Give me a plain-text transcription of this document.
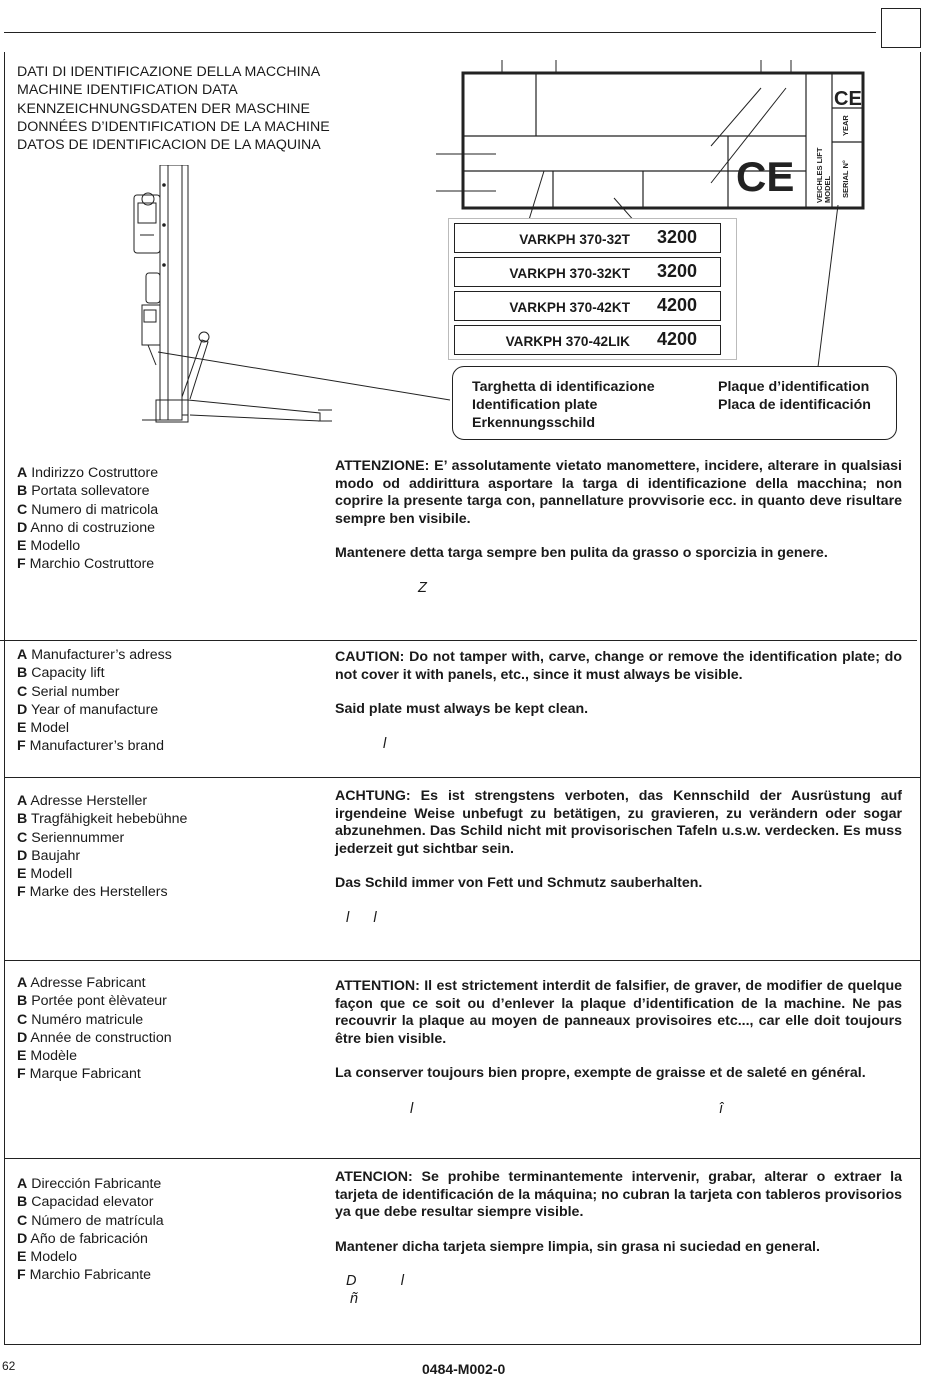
DATI DI IDENTIFICAZIONE DELLA MACCHINA
MACHINE IDENTIFICATION DATA
KENNZEICHNUNGSDATEN DER MASCHINE
DONNÉES D’IDENTIFICATION DE LA MACHINE
DATOS DE IDENTIFICACION DE LA MAQUINA
CE
CE
VEICHLES LIFT MODEL SERIAL N°
YEAR
VARKPH 370-32T 3200
VARKPH 370-32KT 3200
VARKPH 370-42KT 4200
VARKPH 370-42LIK 4200
Targhetta di identificazione
Identification plate
Erkennungsschild
Plaque d’identification
Placa de identificación
A Indirizzo Costruttore
B Portata sollevatore
C Numero di matricola
D Anno di costruzione
E Modello
F Marchio Costruttore

ATTENZIONE: E’ assolutamente vietato manomettere, incidere, alterare in qualsiasi modo od addirittura asportare la targa di identificazione della macchina; non coprire la presente targa con, pannellature provvisorie ecc. in quanto deve risultare sempre ben visibile.

Mantenere detta targa sempre ben pulita da grasso o sporcizia in genere.

Z
A Manufacturer’s adress
B Capacity lift
C Serial number
D Year of manufacture
E Model
F Manufacturer’s brand

CAUTION: Do not tamper with, carve, change or remove the identification plate; do not cover it with panels, etc., since it must always be visible.

Said plate must always be kept clean.

l
A Adresse Hersteller
B Tragfähigkeit hebebühne
C Seriennummer
D Baujahr
E Modell
F Marke des Herstellers

ACHTUNG: Es ist strengstens verboten, das Kennschild der Ausrüstung auf irgendeine Weise unbefugt zu betätigen, zu gravieren, zu verändern oder sogar abzunehmen. Das Schild nicht mit provisorischen Tafeln u.s.w. verdecken. Es muss jederzeit gut sichtbar sein.

Das Schild immer von Fett und Schmutz sauberhalten.

l      l
A Adresse Fabricant
B Portée pont èlèvateur
C Numéro matricule
D Année de construction
E Modèle
F Marque Fabricant

ATTENTION: Il est strictement interdit de falsifier, de graver, de modifier de quelque façon que ce soit ou d’enlever la plaque d’identification de la machine. Ne pas recouvrir la plaque au moyen de panneaux provisoires etc..., car elle doit toujours être bien visible.

La conserver toujours bien propre, exempte de graisse et de saleté en général.

l	î
A Dirección Fabricante
B Capacidad elevator
C Número de matrícula
D Año de fabricación
E Modelo
F Marchio Fabricante

ATENCION: Se prohibe terminantemente intervenir, grabar, alterar o extraer la tarjeta de identificación de la máquina; no cubran la tarjeta con tableros provisorios ya que debe resultar siempre visible.

Mantener dicha tarjeta siempre limpia, sin grasa ni suciedad en general.

D           l
ñ
62	0484-M002-0
